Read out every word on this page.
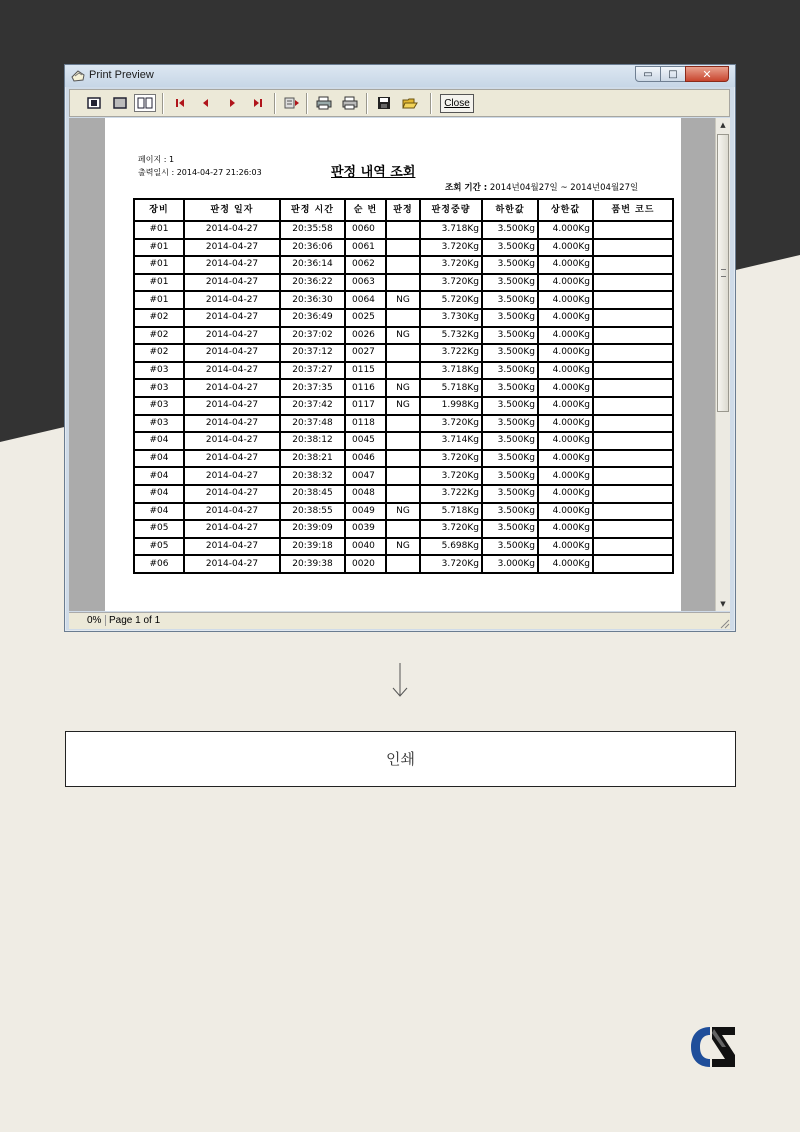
Print Preview	▭	□	✕
Close
페이지 : 1
출력일시 : 2014-04-27 21:26:03	판정 내역 조회
조회 기간 : 2014년04월27일 ~ 2014년04월27일
장비	판정 일자	판정 시간	순 번	판정	판정중량	하한값	상한값	품번 코드
#01	2014-04-27	20:35:58	0060		3.718Kg	3.500Kg	4.000Kg	
#01	2014-04-27	20:36:06	0061		3.720Kg	3.500Kg	4.000Kg	
#01	2014-04-27	20:36:14	0062		3.720Kg	3.500Kg	4.000Kg	
#01	2014-04-27	20:36:22	0063		3.720Kg	3.500Kg	4.000Kg	
#01	2014-04-27	20:36:30	0064	NG	5.720Kg	3.500Kg	4.000Kg	
#02	2014-04-27	20:36:49	0025		3.730Kg	3.500Kg	4.000Kg	
#02	2014-04-27	20:37:02	0026	NG	5.732Kg	3.500Kg	4.000Kg	
#02	2014-04-27	20:37:12	0027		3.722Kg	3.500Kg	4.000Kg	
#03	2014-04-27	20:37:27	0115		3.718Kg	3.500Kg	4.000Kg	
#03	2014-04-27	20:37:35	0116	NG	5.718Kg	3.500Kg	4.000Kg	
#03	2014-04-27	20:37:42	0117	NG	1.998Kg	3.500Kg	4.000Kg	
#03	2014-04-27	20:37:48	0118		3.720Kg	3.500Kg	4.000Kg	
#04	2014-04-27	20:38:12	0045		3.714Kg	3.500Kg	4.000Kg	
#04	2014-04-27	20:38:21	0046		3.720Kg	3.500Kg	4.000Kg	
#04	2014-04-27	20:38:32	0047		3.720Kg	3.500Kg	4.000Kg	
#04	2014-04-27	20:38:45	0048		3.722Kg	3.500Kg	4.000Kg	
#04	2014-04-27	20:38:55	0049	NG	5.718Kg	3.500Kg	4.000Kg	
#05	2014-04-27	20:39:09	0039		3.720Kg	3.500Kg	4.000Kg	
#05	2014-04-27	20:39:18	0040	NG	5.698Kg	3.500Kg	4.000Kg	
#06	2014-04-27	20:39:38	0020		3.720Kg	3.000Kg	4.000Kg	
▲
▼
0% Page 1 of 1
인쇄
